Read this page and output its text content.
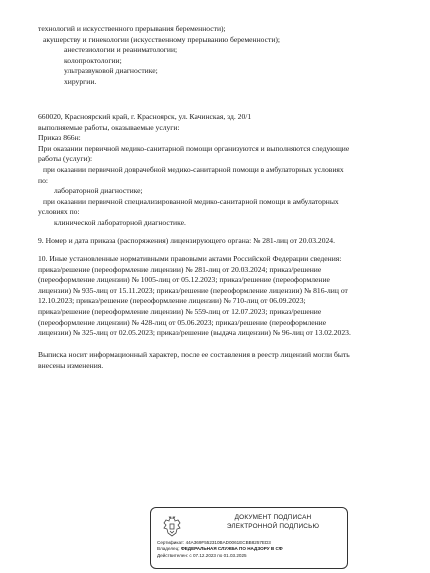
технологий и искусственного прерывания беременности);
акушерству и гинекологии (искусственному прерыванию беременности);
анестезиологии и реаниматологии;
колопроктологии;
ультразвуковой диагностике;
хирургии.
660020, Красноярский край, г. Красноярск, ул. Качинская, зд. 20/1
выполняемые работы, оказываемые услуги:
Приказ 866н:
При оказании первичной медико-санитарной помощи организуются и выполняются следующие
работы (услуги):
при оказании первичной доврачебной медико-санитарной помощи в амбулаторных условиях
по:
лабораторной диагностике;
при оказании первичной специализированной медико-санитарной помощи в амбулаторных
условиях по:
клинической лабораторной диагностике.
9. Номер и дата приказа (распоряжения) лицензирующего органа: № 281-лиц от 20.03.2024.
10. Иные установленные нормативными правовыми актами Российской Федерации сведения:
приказ/решение (переоформление лицензии) № 281-лиц от 20.03.2024; приказ/решение
(переоформление лицензии) № 1005-лиц от 05.12.2023; приказ/решение (переоформление
лицензии) № 935-лиц от 15.11.2023; приказ/решение (переоформление лицензии) № 816-лиц от
12.10.2023; приказ/решение (переоформление лицензии) № 710-лиц от 06.09.2023;
приказ/решение (переоформление лицензии) № 559-лиц от 12.07.2023; приказ/решение
(переоформление лицензии) № 428-лиц от 05.06.2023; приказ/решение (переоформление
лицензии) № 325-лиц от 02.05.2023; приказ/решение (выдача лицензии) № 96-лиц от 13.02.2023.
Выписка носит информационный характер, после ее составления в реестр лицензий могли быть
внесены изменения.
ДОКУМЕНТ ПОДПИСАН
ЭЛЕКТРОННОЙ ПОДПИСЬЮ
Сертификат: 44A369F552310BAD0061ECBB8257ED3
Владелец: ФЕДЕРАЛЬНАЯ СЛУЖБА ПО НАДЗОРУ В СФ
Действителен: с 07.12.2023 по 01.03.2025
